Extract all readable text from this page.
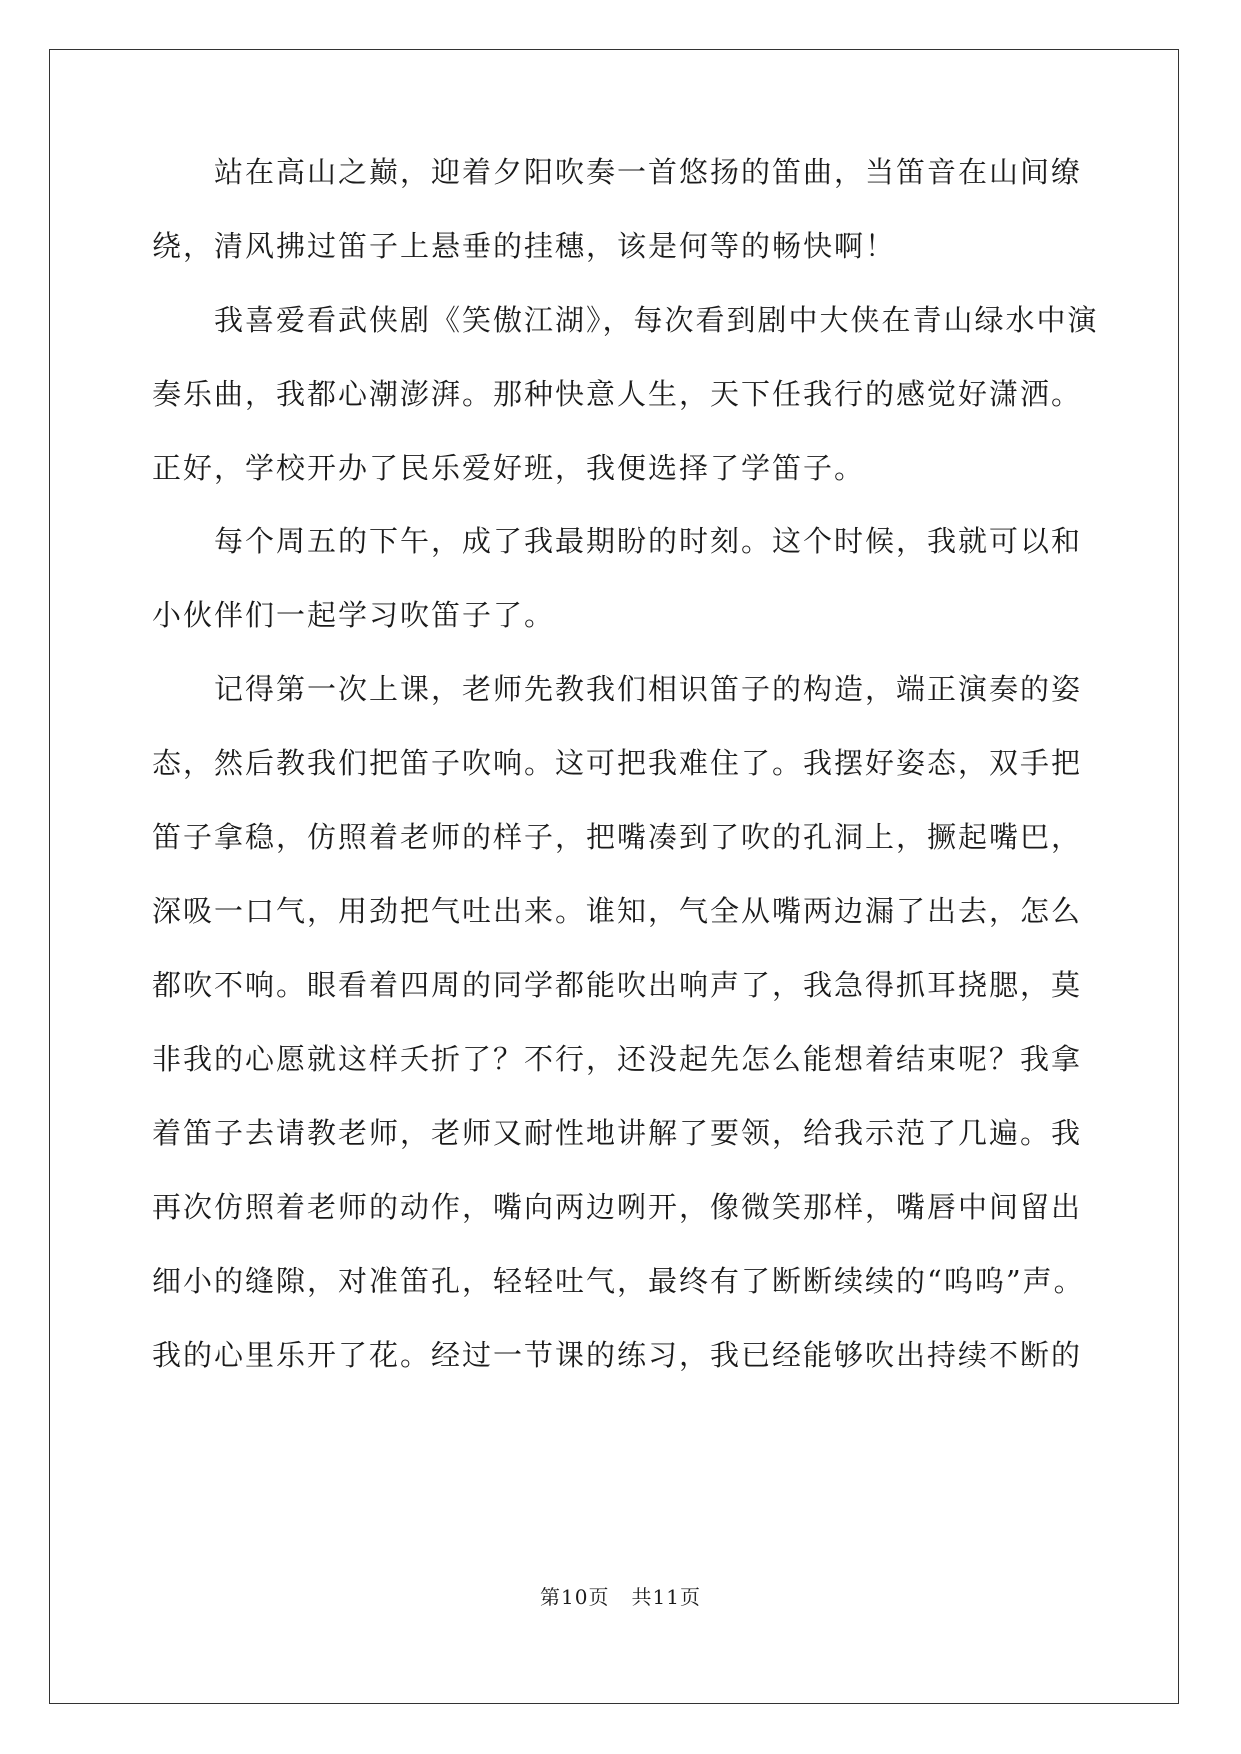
站在高山之巅，迎着夕阳吹奏一首悠扬的笛曲，当笛音在山间缭
绕，清风拂过笛子上悬垂的挂穗，该是何等的畅快啊！
我喜爱看武侠剧《笑傲江湖》，每次看到剧中大侠在青山绿水中演
奏乐曲，我都心潮澎湃。那种快意人生，天下任我行的感觉好潇洒。
正好，学校开办了民乐爱好班，我便选择了学笛子。
每个周五的下午，成了我最期盼的时刻。这个时候，我就可以和
小伙伴们一起学习吹笛子了。
记得第一次上课，老师先教我们相识笛子的构造，端正演奏的姿
态，然后教我们把笛子吹响。这可把我难住了。我摆好姿态，双手把
笛子拿稳，仿照着老师的样子，把嘴凑到了吹的孔洞上，撅起嘴巴，
深吸一口气，用劲把气吐出来。谁知，气全从嘴两边漏了出去，怎么
都吹不响。眼看着四周的同学都能吹出响声了，我急得抓耳挠腮，莫
非我的心愿就这样夭折了？不行，还没起先怎么能想着结束呢？我拿
着笛子去请教老师，老师又耐性地讲解了要领，给我示范了几遍。我
再次仿照着老师的动作，嘴向两边咧开，像微笑那样，嘴唇中间留出
细小的缝隙，对准笛孔，轻轻吐气，最终有了断断续续的“呜呜”声。
我的心里乐开了花。经过一节课的练习，我已经能够吹出持续不断的
第10页   共11页
